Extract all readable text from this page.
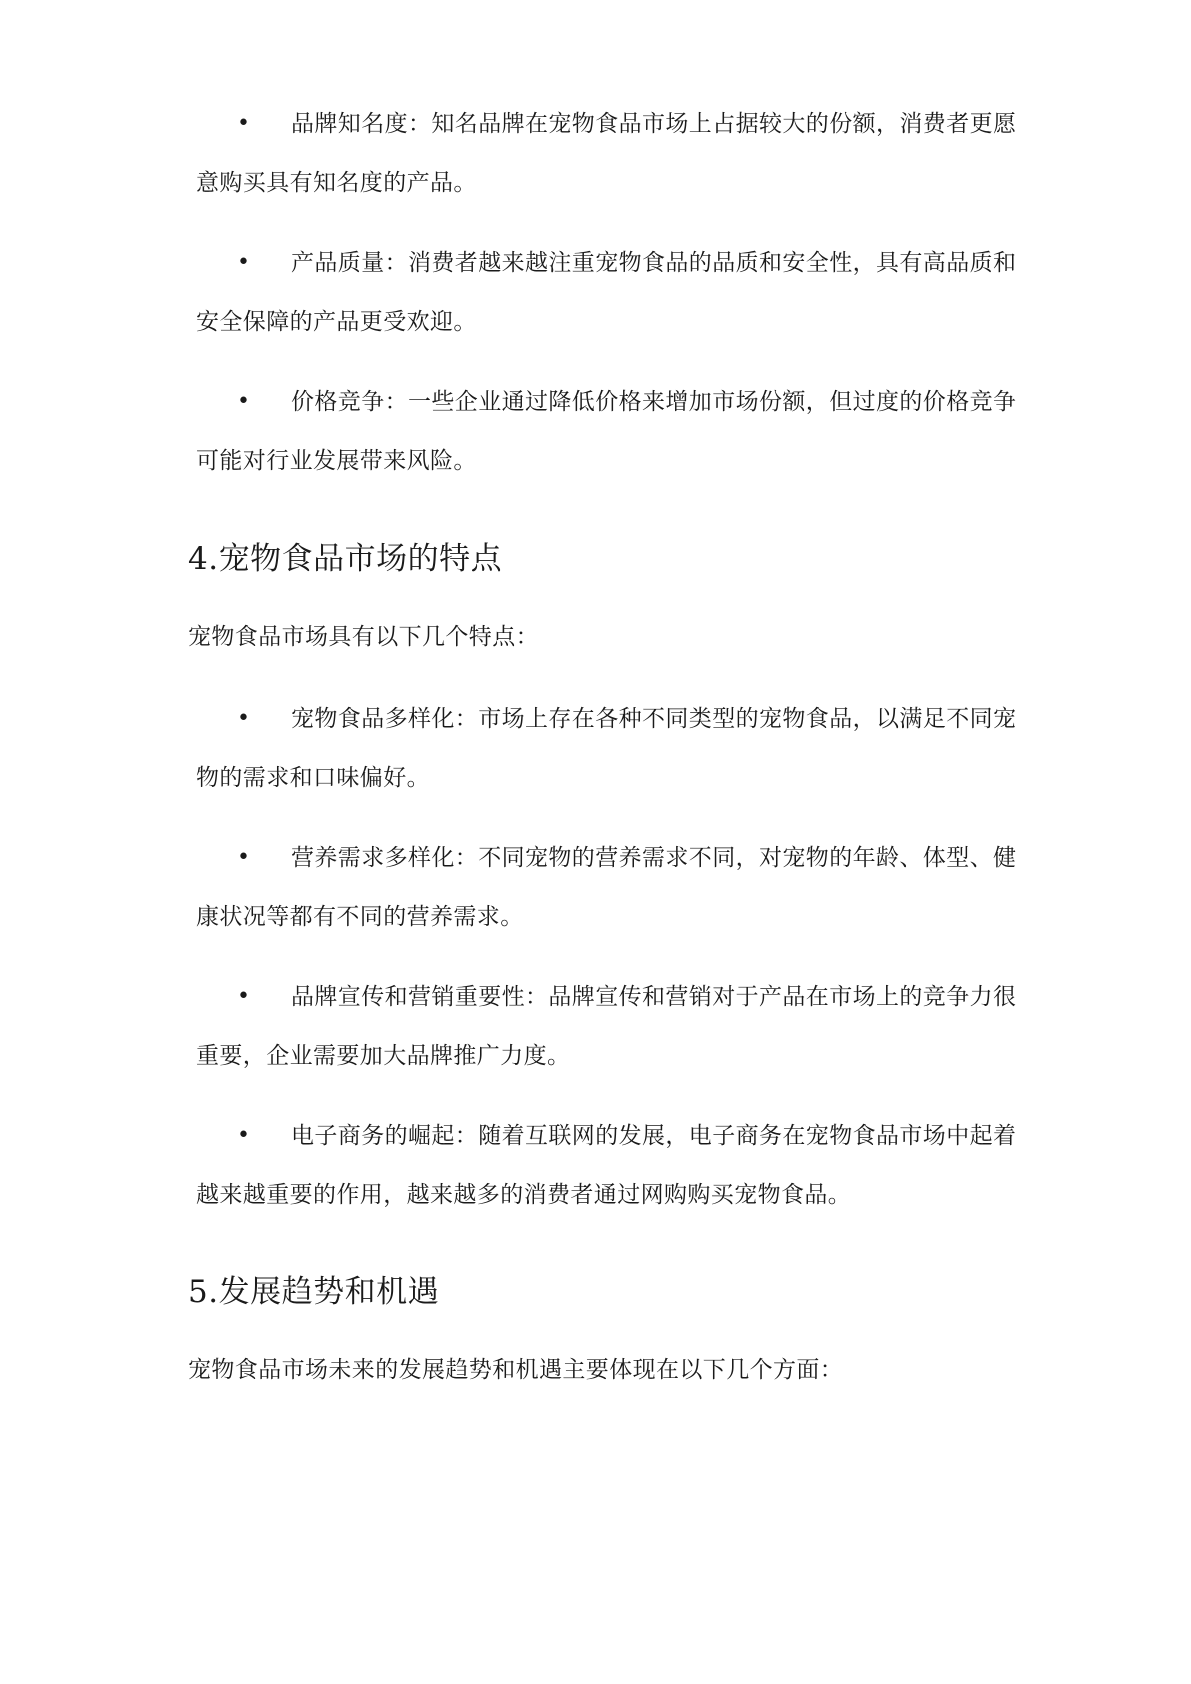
• 品牌知名度：知名品牌在宠物食品市场上占据较大的份额，消费者更愿
意购买具有知名度的产品。
• 产品质量：消费者越来越注重宠物食品的品质和安全性，具有高品质和
安全保障的产品更受欢迎。
• 价格竞争：一些企业通过降低价格来增加市场份额，但过度的价格竞争
可能对行业发展带来风险。
4.宠物食品市场的特点
宠物食品市场具有以下几个特点：
• 宠物食品多样化：市场上存在各种不同类型的宠物食品，以满足不同宠
物的需求和口味偏好。
• 营养需求多样化：不同宠物的营养需求不同，对宠物的年龄、体型、健
康状况等都有不同的营养需求。
• 品牌宣传和营销重要性：品牌宣传和营销对于产品在市场上的竞争力很
重要，企业需要加大品牌推广力度。
• 电子商务的崛起：随着互联网的发展，电子商务在宠物食品市场中起着
越来越重要的作用，越来越多的消费者通过网购购买宠物食品。
5.发展趋势和机遇
宠物食品市场未来的发展趋势和机遇主要体现在以下几个方面：
